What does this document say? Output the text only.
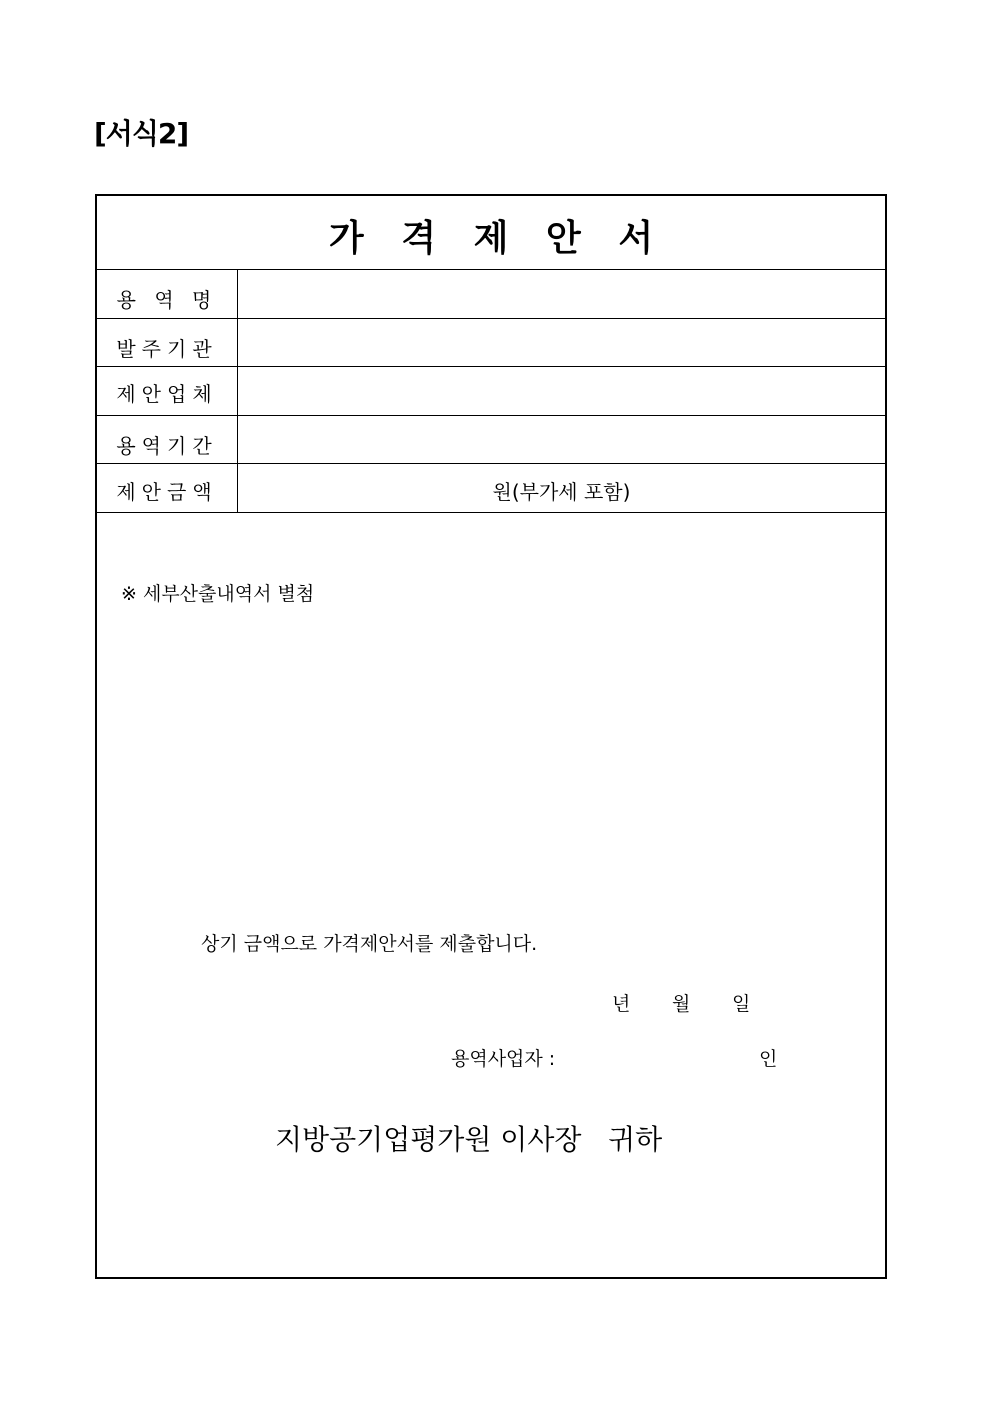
[서식2]
가   격   제   안   서
용 역 명
발주기관
제안업체
용역기간
제안금액	원(부가세 포함)
※ 세부산출내역서 별첨
상기 금액으로 가격제안서를 제출합니다.
년 월 일
용역사업자 :	인
지방공기업평가원 이사장   귀하
